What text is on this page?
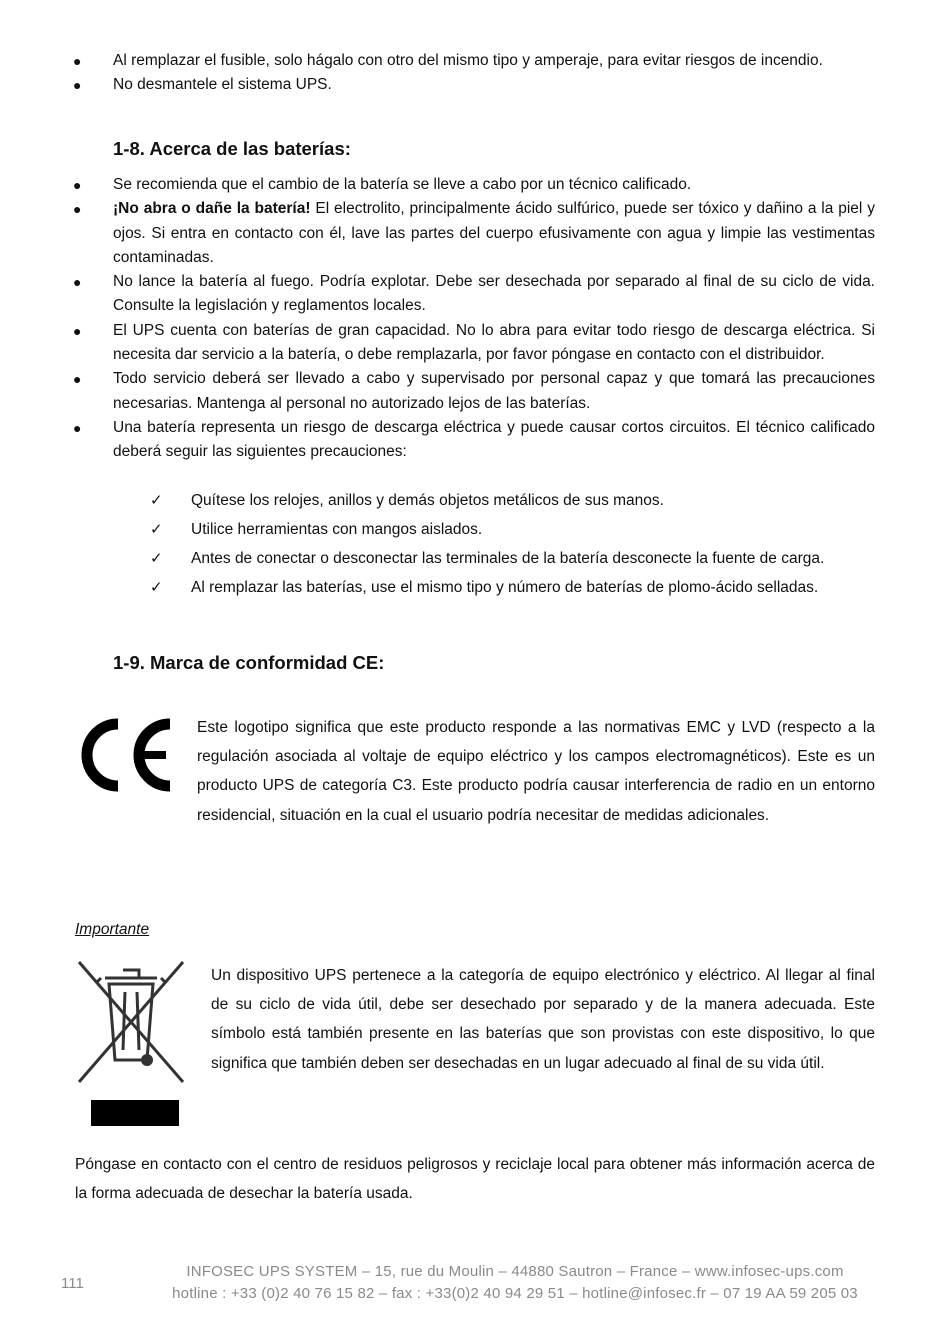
● Al remplazar el fusible, solo hágalo con otro del mismo tipo y amperaje, para evitar riesgos de incendio.
● No desmantele el sistema UPS.
1-8. Acerca de las baterías:
● Se recomienda que el cambio de la batería se lleve a cabo por un técnico calificado.
● ¡No abra o dañe la batería! El electrolito, principalmente ácido sulfúrico, puede ser tóxico y dañino a la piel y ojos. Si entra en contacto con él, lave las partes del cuerpo efusivamente con agua y limpie las vestimentas contaminadas.
● No lance la batería al fuego. Podría explotar. Debe ser desechada por separado al final de su ciclo de vida. Consulte la legislación y reglamentos locales.
● El UPS cuenta con baterías de gran capacidad. No lo abra para evitar todo riesgo de descarga eléctrica. Si necesita dar servicio a la batería, o debe remplazarla, por favor póngase en contacto con el distribuidor.
● Todo servicio deberá ser llevado a cabo y supervisado por personal capaz y que tomará las precauciones necesarias. Mantenga al personal no autorizado lejos de las baterías.
● Una batería representa un riesgo de descarga eléctrica y puede causar cortos circuitos. El técnico calificado deberá seguir las siguientes precauciones:
✓ Quítese los relojes, anillos y demás objetos metálicos de sus manos.
✓ Utilice herramientas con mangos aislados.
✓ Antes de conectar o desconectar las terminales de la batería desconecte la fuente de carga.
✓ Al remplazar las baterías, use el mismo tipo y número de baterías de plomo-ácido selladas.
1-9. Marca de conformidad CE:

Este logotipo significa que este producto responde a las normativas EMC y LVD (respecto a la regulación asociada al voltaje de equipo eléctrico y los campos electromagnéticos). Este es un producto UPS de categoría C3. Este producto podría causar interferencia de radio en un entorno residencial, situación en la cual el usuario podría necesitar de medidas adicionales.

Importante

Un dispositivo UPS pertenece a la categoría de equipo electrónico y eléctrico. Al llegar al final de su ciclo de vida útil, debe ser desechado por separado y de la manera adecuada. Este símbolo está también presente en las baterías que son provistas con este dispositivo, lo que significa que también deben ser desechadas en un lugar adecuado al final de su vida útil.

Póngase en contacto con el centro de residuos peligrosos y reciclaje local para obtener más información acerca de la forma adecuada de desechar la batería usada.

111
INFOSEC UPS SYSTEM – 15, rue du Moulin – 44880 Sautron – France – www.infosec-ups.com
hotline : +33 (0)2 40 76 15 82 – fax : +33(0)2 40 94 29 51 – hotline@infosec.fr – 07 19 AA 59 205 03
